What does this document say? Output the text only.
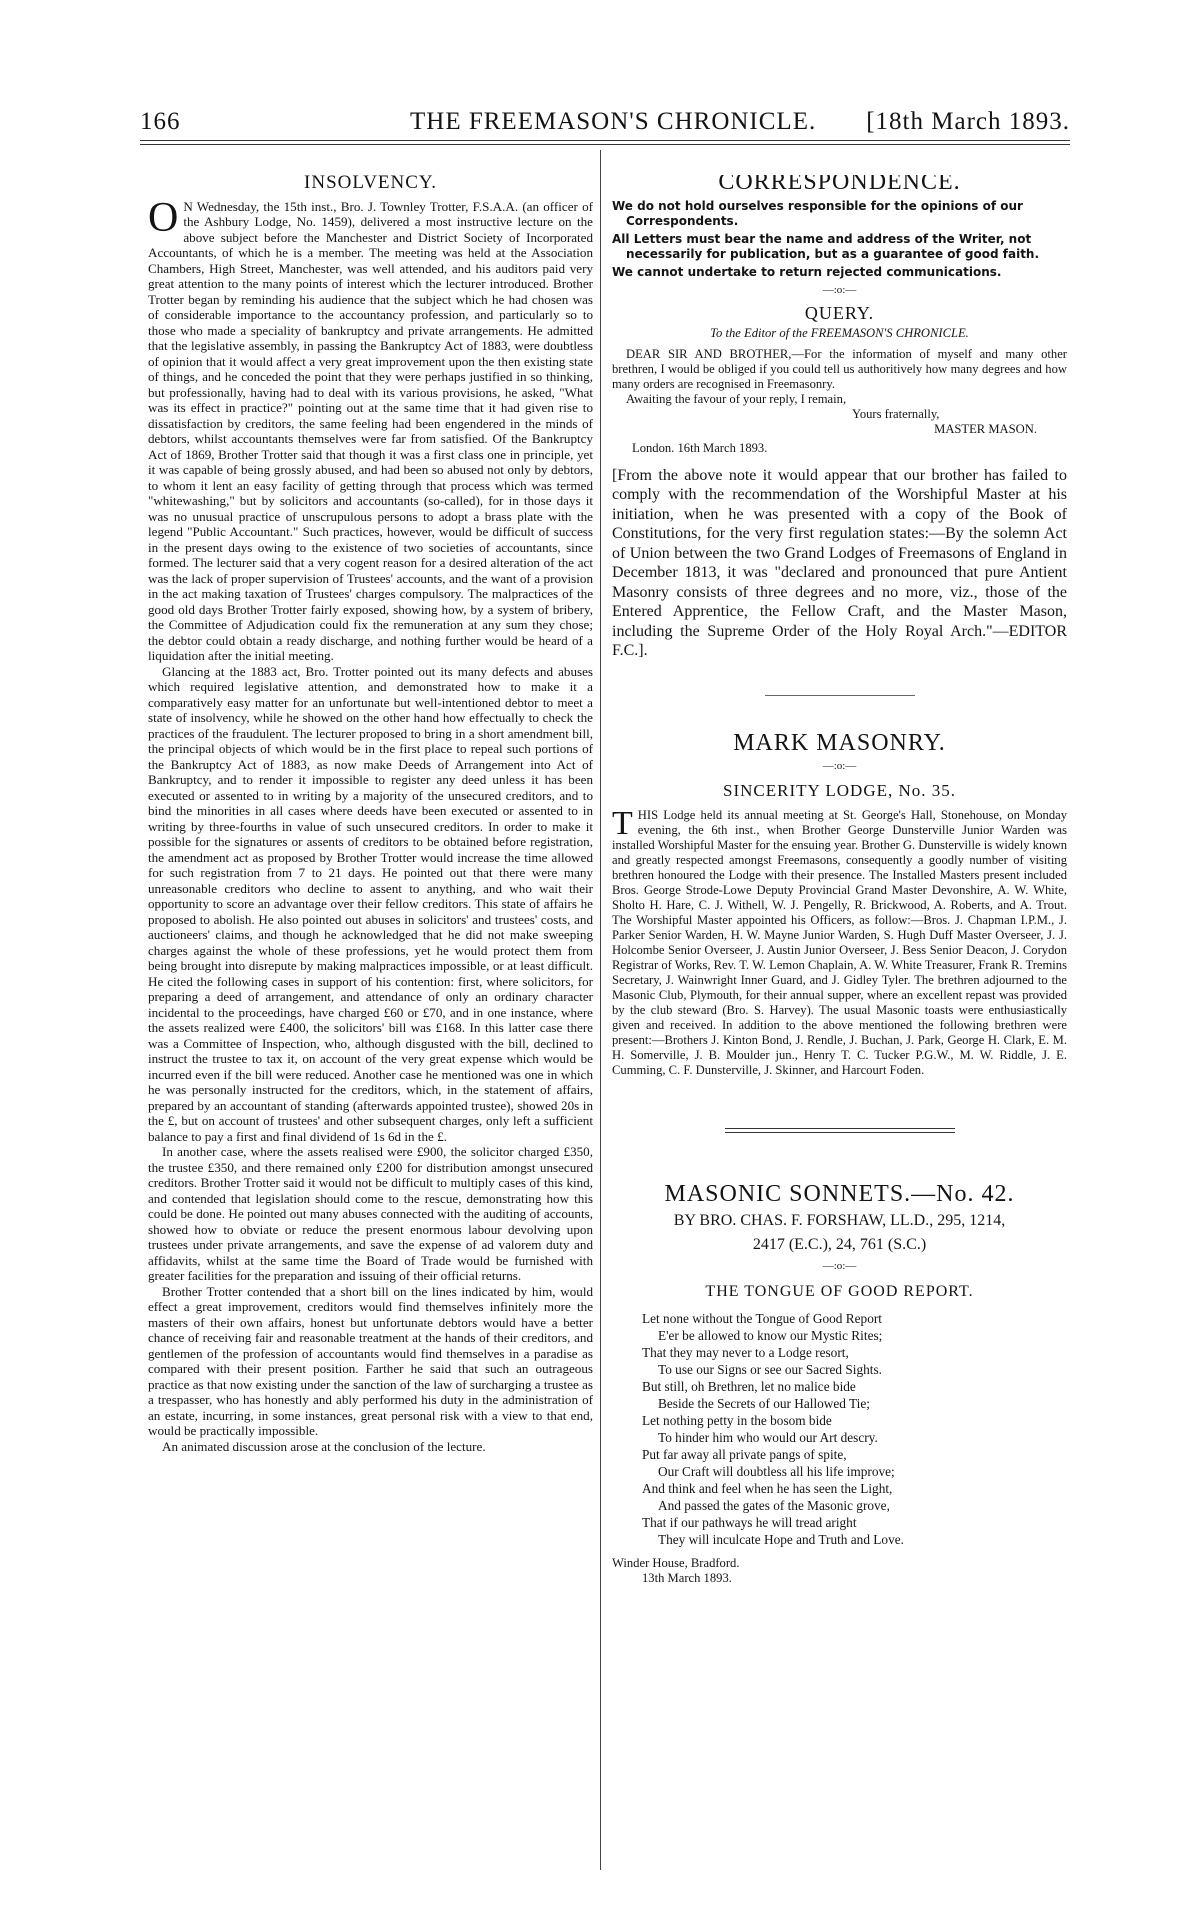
166	THE FREEMASON'S CHRONICLE. [18th March 1893.
INSOLVENCY.

O N Wednesday, the 15th inst., Bro. J. Townley Trotter, F.S.A.A. (an officer of the Ashbury Lodge, No. 1459), delivered a most instructive lecture on the above subject before the Manchester and District Society of Incorporated Accountants, of which he is a member. The meeting was held at the Association Chambers, High Street, Manchester, was well attended, and his auditors paid very great attention to the many points of interest which the lecturer introduced. Brother Trotter began by reminding his audience that the subject which he had chosen was of considerable importance to the accountancy profession, and particularly so to those who made a speciality of bankruptcy and private arrangements. He admitted that the legislative assembly, in passing the Bankruptcy Act of 1883, were doubtless of opinion that it would affect a very great improvement upon the then existing state of things, and he conceded the point that they were perhaps justified in so thinking, but professionally, having had to deal with its various provisions, he asked, "What was its effect in practice?" pointing out at the same time that it had given rise to dissatisfaction by creditors, the same feeling had been engendered in the minds of debtors, whilst accountants themselves were far from satisfied. Of the Bankruptcy Act of 1869, Brother Trotter said that though it was a first class one in principle, yet it was capable of being grossly abused, and had been so abused not only by debtors, to whom it lent an easy facility of getting through that process which was termed "whitewashing," but by solicitors and accountants (so-called), for in those days it was no unusual practice of unscrupulous persons to adopt a brass plate with the legend "Public Accountant." Such practices, however, would be difficult of success in the present days owing to the existence of two societies of accountants, since formed. The lecturer said that a very cogent reason for a desired alteration of the act was the lack of proper supervision of Trustees' accounts, and the want of a provision in the act making taxation of Trustees' charges compulsory. The malpractices of the good old days Brother Trotter fairly exposed, showing how, by a system of bribery, the Committee of Adjudication could fix the remuneration at any sum they chose; the debtor could obtain a ready discharge, and nothing further would be heard of a liquidation after the initial meeting.

Glancing at the 1883 act, Bro. Trotter pointed out its many defects and abuses which required legislative attention, and demonstrated how to make it a comparatively easy matter for an unfortunate but well-intentioned debtor to meet a state of insolvency, while he showed on the other hand how effectually to check the practices of the fraudulent. The lecturer proposed to bring in a short amendment bill, the principal objects of which would be in the first place to repeal such portions of the Bankruptcy Act of 1883, as now make Deeds of Arrangement into Act of Bankruptcy, and to render it impossible to register any deed unless it has been executed or assented to in writing by a majority of the unsecured creditors, and to bind the minorities in all cases where deeds have been executed or assented to in writing by three-fourths in value of such unsecured creditors. In order to make it possible for the signatures or assents of creditors to be obtained before registration, the amendment act as proposed by Brother Trotter would increase the time allowed for such registration from 7 to 21 days. He pointed out that there were many unreasonable creditors who decline to assent to anything, and who wait their opportunity to score an advantage over their fellow creditors. This state of affairs he proposed to abolish. He also pointed out abuses in solicitors' and trustees' costs, and auctioneers' claims, and though he acknowledged that he did not make sweeping charges against the whole of these professions, yet he would protect them from being brought into disrepute by making malpractices impossible, or at least difficult. He cited the following cases in support of his contention: first, where solicitors, for preparing a deed of arrangement, and attendance of only an ordinary character incidental to the proceedings, have charged £60 or £70, and in one instance, where the assets realized were £400, the solicitors' bill was £168. In this latter case there was a Committee of Inspection, who, although disgusted with the bill, declined to instruct the trustee to tax it, on account of the very great expense which would be incurred even if the bill were reduced. Another case he mentioned was one in which he was personally instructed for the creditors, which, in the statement of affairs, prepared by an accountant of standing (afterwards appointed trustee), showed 20s in the £, but on account of trustees' and other subsequent charges, only left a sufficient balance to pay a first and final dividend of 1s 6d in the £.

In another case, where the assets realised were £900, the solicitor charged £350, the trustee £350, and there remained only £200 for distribution amongst unsecured creditors. Brother Trotter said it would not be difficult to multiply cases of this kind, and contended that legislation should come to the rescue, demonstrating how this could be done. He pointed out many abuses connected with the auditing of accounts, showed how to obviate or reduce the present enormous labour devolving upon trustees under private arrangements, and save the expense of ad valorem duty and affidavits, whilst at the same time the Board of Trade would be furnished with greater facilities for the preparation and issuing of their official returns.

Brother Trotter contended that a short bill on the lines indicated by him, would effect a great improvement, creditors would find themselves infinitely more the masters of their own affairs, honest but unfortunate debtors would have a better chance of receiving fair and reasonable treatment at the hands of their creditors, and gentlemen of the profession of accountants would find themselves in a paradise as compared with their present position. Farther he said that such an outrageous practice as that now existing under the sanction of the law of surcharging a trustee as a trespasser, who has honestly and ably performed his duty in the administration of an estate, incurring, in some instances, great personal risk with a view to that end, would be practically impossible.

An animated discussion arose at the conclusion of the lecture.

CORRESPONDENCE.
We do not hold ourselves responsible for the opinions of our Correspondents.
All Letters must bear the name and address of the Writer, not necessarily for publication, but as a guarantee of good faith.
We cannot undertake to return rejected communications.
—:o:—
QUERY.
To the Editor of the FREEMASON'S CHRONICLE.

DEAR SIR AND BROTHER,—For the information of myself and many other brethren, I would be obliged if you could tell us authoritively how many degrees and how many orders are recognised in Freemasonry.

Awaiting the favour of your reply, I remain,

Yours fraternally,
MASTER MASON.
London. 16th March 1893.
[From the above note it would appear that our brother has failed to comply with the recommendation of the Worshipful Master at his initiation, when he was presented with a copy of the Book of Constitutions, for the very first regulation states:—By the solemn Act of Union between the two Grand Lodges of Freemasons of England in December 1813, it was "declared and pronounced that pure Antient Masonry consists of three degrees and no more, viz., those of the Entered Apprentice, the Fellow Craft, and the Master Mason, including the Supreme Order of the Holy Royal Arch."—EDITOR F.C.].
MARK MASONRY.
—:o:—
SINCERITY LODGE, No. 35.

THIS Lodge held its annual meeting at St. George's Hall, Stonehouse, on Monday evening, the 6th inst., when Brother George Dunsterville Junior Warden was installed Worshipful Master for the ensuing year. Brother G. Dunsterville is widely known and greatly respected amongst Freemasons, consequently a goodly number of visiting brethren honoured the Lodge with their presence. The Installed Masters present included Bros. George Strode-Lowe Deputy Provincial Grand Master Devonshire, A. W. White, Sholto H. Hare, C. J. Withell, W. J. Pengelly, R. Brickwood, A. Roberts, and A. Trout. The Worshipful Master appointed his Officers, as follow:—Bros. J. Chapman I.P.M., J. Parker Senior Warden, H. W. Mayne Junior Warden, S. Hugh Duff Master Overseer, J. J. Holcombe Senior Overseer, J. Austin Junior Overseer, J. Bess Senior Deacon, J. Corydon Registrar of Works, Rev. T. W. Lemon Chaplain, A. W. White Treasurer, Frank R. Tremins Secretary, J. Wainwright Inner Guard, and J. Gidley Tyler. The brethren adjourned to the Masonic Club, Plymouth, for their annual supper, where an excellent repast was provided by the club steward (Bro. S. Harvey). The usual Masonic toasts were enthusiastically given and received. In addition to the above mentioned the following brethren were present:—Brothers J. Kinton Bond, J. Rendle, J. Buchan, J. Park, George H. Clark, E. M. H. Somerville, J. B. Moulder jun., Henry T. C. Tucker P.G.W., M. W. Riddle, J. E. Cumming, C. F. Dunsterville, J. Skinner, and Harcourt Foden.

MASONIC SONNETS.—No. 42.
BY BRO. CHAS. F. FORSHAW, LL.D., 295, 1214,
2417 (E.C.), 24, 761 (S.C.)
—:o:—
THE TONGUE OF GOOD REPORT.
Let none without the Tongue of Good Report
E'er be allowed to know our Mystic Rites;
That they may never to a Lodge resort,
To use our Signs or see our Sacred Sights.
But still, oh Brethren, let no malice bide
Beside the Secrets of our Hallowed Tie;
Let nothing petty in the bosom bide
To hinder him who would our Art descry.
Put far away all private pangs of spite,
Our Craft will doubtless all his life improve;
And think and feel when he has seen the Light,
And passed the gates of the Masonic grove,
That if our pathways he will tread aright
They will inculcate Hope and Truth and Love.
Winder House, Bradford.
13th March 1893.
